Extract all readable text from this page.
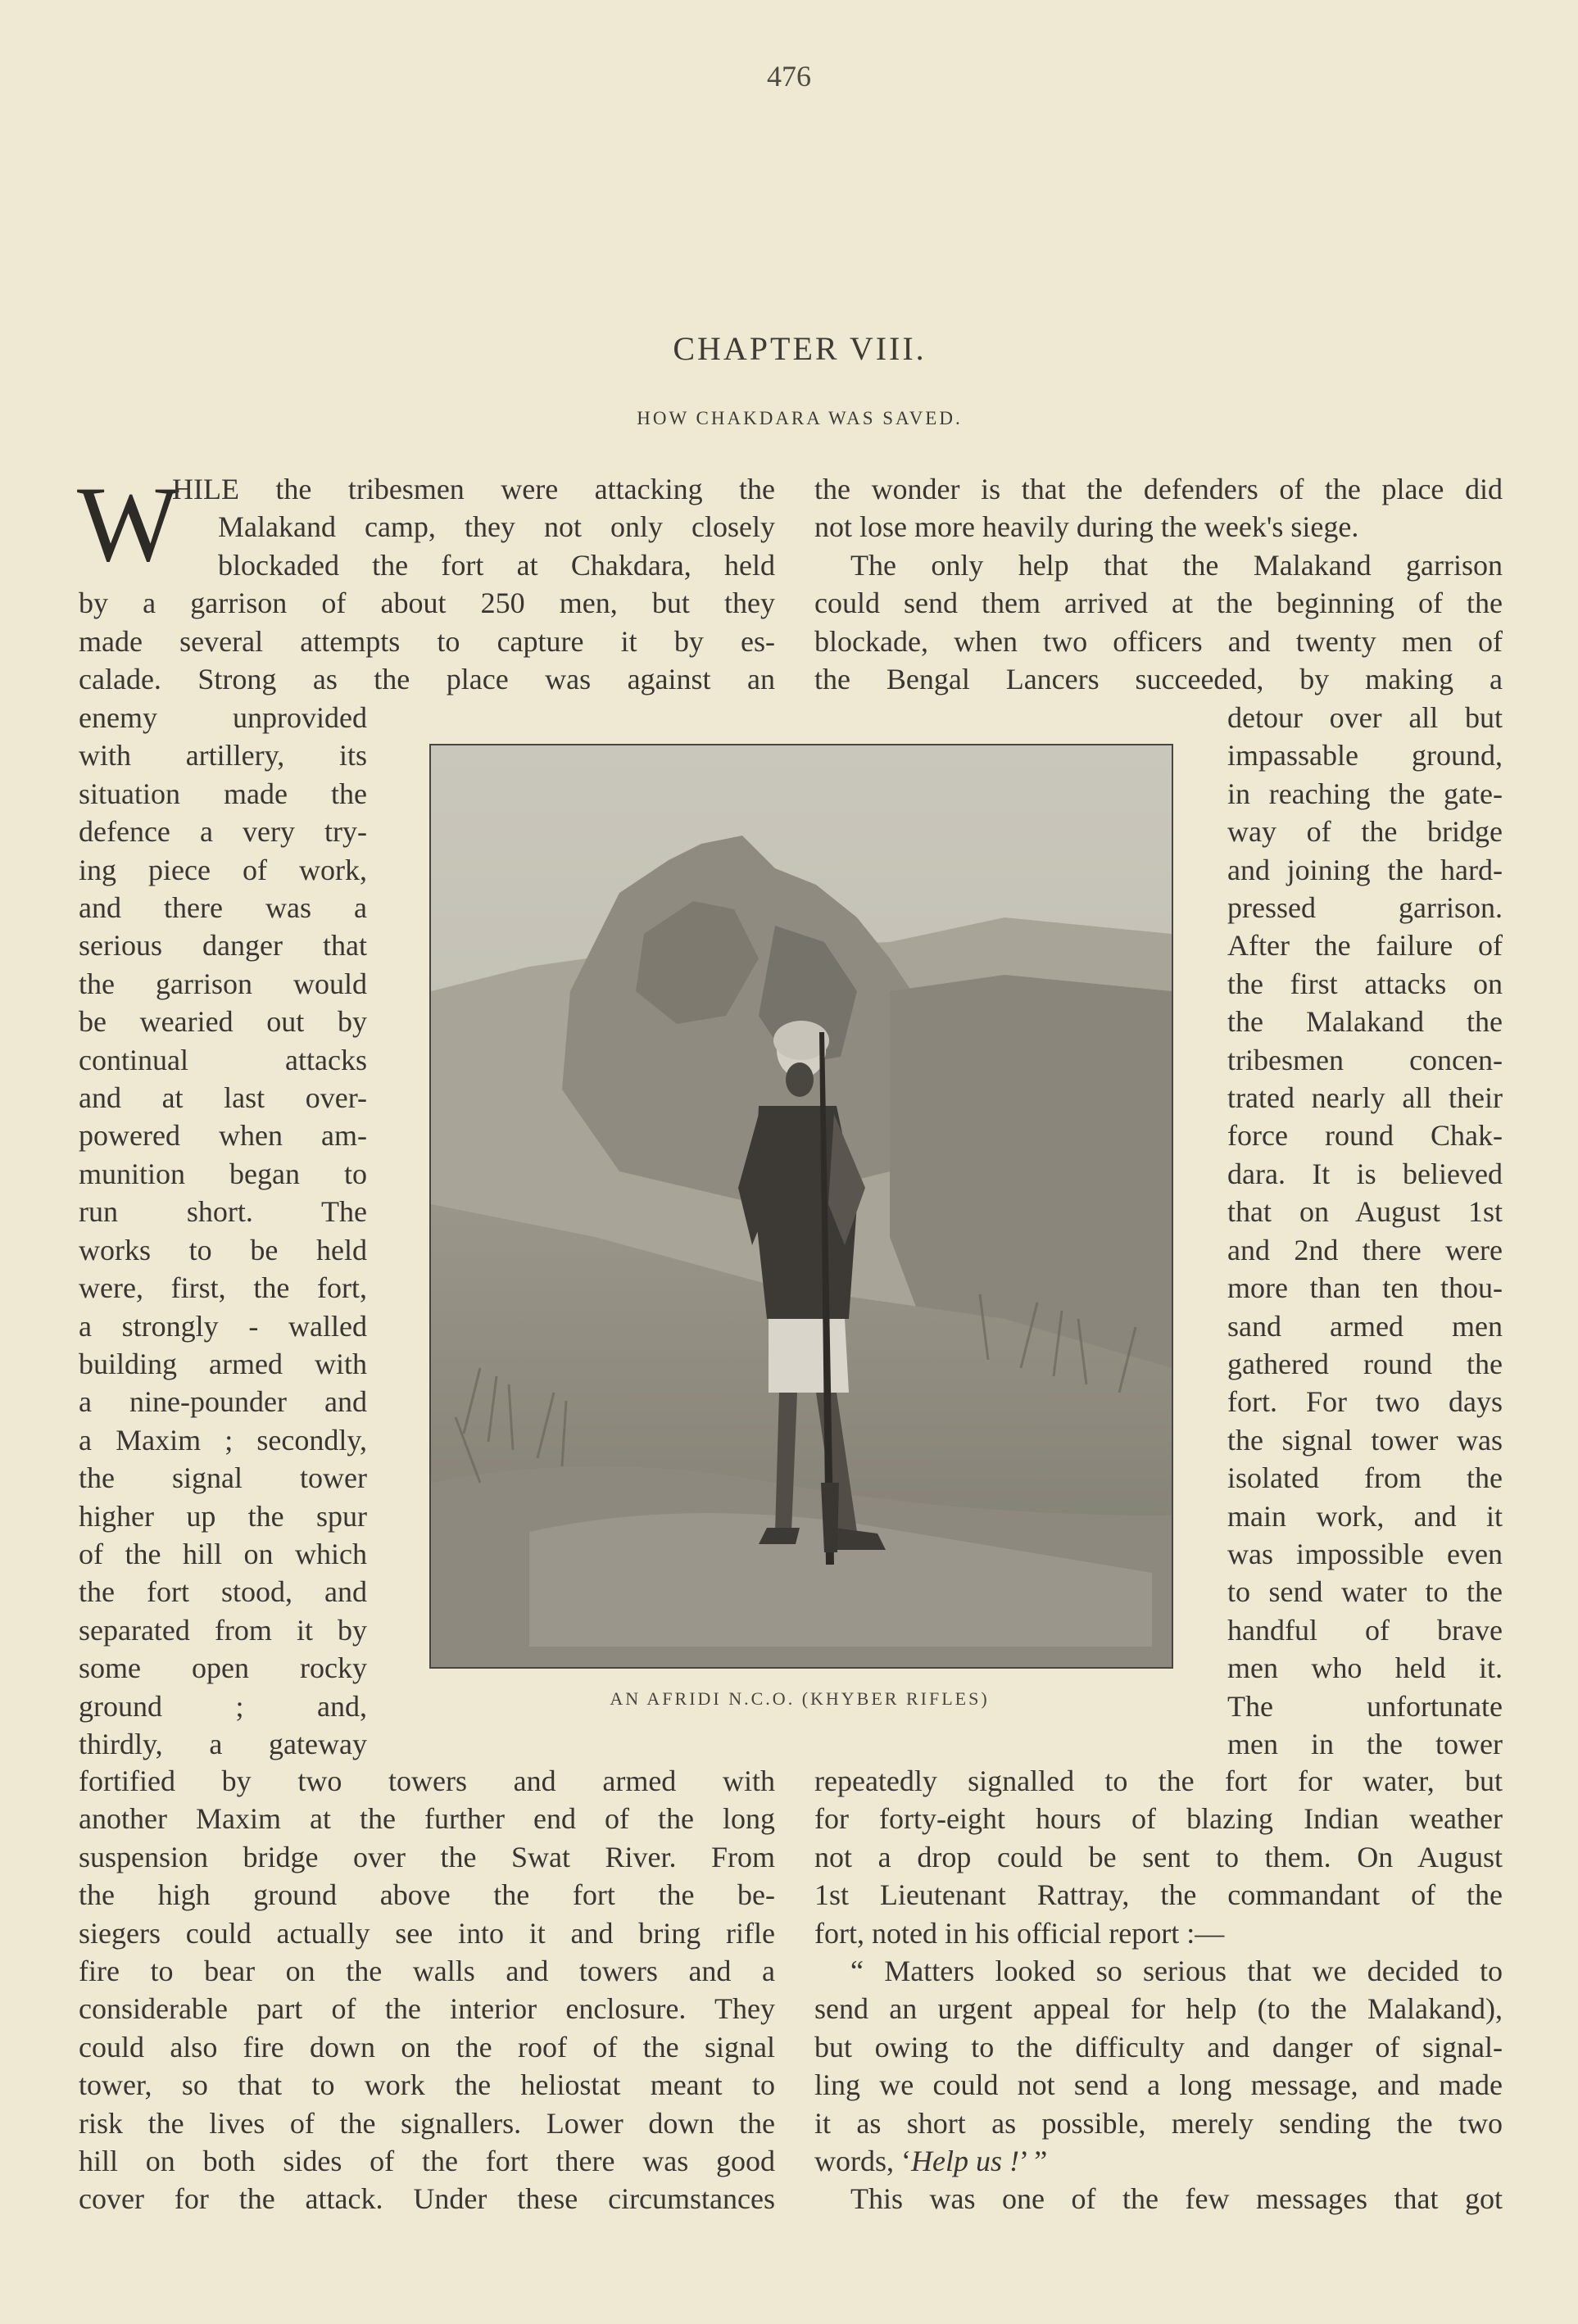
476
CHAPTER VIII.
HOW CHAKDARA WAS SAVED.
W
HILE the tribesmen were attacking the
Malakand camp, they not only closely
blockaded the fort at Chakdara, held
by a garrison of about 250 men, but they
made several attempts to capture it by es-
calade. Strong as the place was against an
enemy unprovided
with artillery, its
situation made the
defence a very try-
ing piece of work,
and there was a
serious danger that
the garrison would
be wearied out by
continual attacks
and at last over-
powered when am-
munition began to
run short. The
works to be held
were, first, the fort,
a strongly - walled
building armed with
a nine-pounder and
a Maxim ; secondly,
the signal tower
higher up the spur
of the hill on which
the fort stood, and
separated from it by
some open rocky
ground ; and,
thirdly, a gateway
fortified by two towers and armed with
another Maxim at the further end of the long
suspension bridge over the Swat River. From
the high ground above the fort the be-
siegers could actually see into it and bring rifle
fire to bear on the walls and towers and a
considerable part of the interior enclosure. They
could also fire down on the roof of the signal
tower, so that to work the heliostat meant to
risk the lives of the signallers. Lower down the
hill on both sides of the fort there was good
cover for the attack. Under these circumstances
the wonder is that the defenders of the place did
not lose more heavily during the week's siege.
The only help that the Malakand garrison
could send them arrived at the beginning of the
blockade, when two officers and twenty men of
the Bengal Lancers succeeded, by making a
detour over all but
impassable ground,
in reaching the gate-
way of the bridge
and joining the hard-
pressed garrison.
After the failure of
the first attacks on
the Malakand the
tribesmen concen-
trated nearly all their
force round Chak-
dara. It is believed
that on August 1st
and 2nd there were
more than ten thou-
sand armed men
gathered round the
fort. For two days
the signal tower was
isolated from the
main work, and it
was impossible even
to send water to the
handful of brave
men who held it.
The unfortunate
men in the tower
repeatedly signalled to the fort for water, but
for forty-eight hours of blazing Indian weather
not a drop could be sent to them. On August
1st Lieutenant Rattray, the commandant of the
fort, noted in his official report :—
“ Matters looked so serious that we decided to
send an urgent appeal for help (to the Malakand),
but owing to the difficulty and danger of signal-
ling we could not send a long message, and made
it as short as possible, merely sending the two
words, ‘Help us !’ ”
This was one of the few messages that got
AN AFRIDI N.C.O. (KHYBER RIFLES)
